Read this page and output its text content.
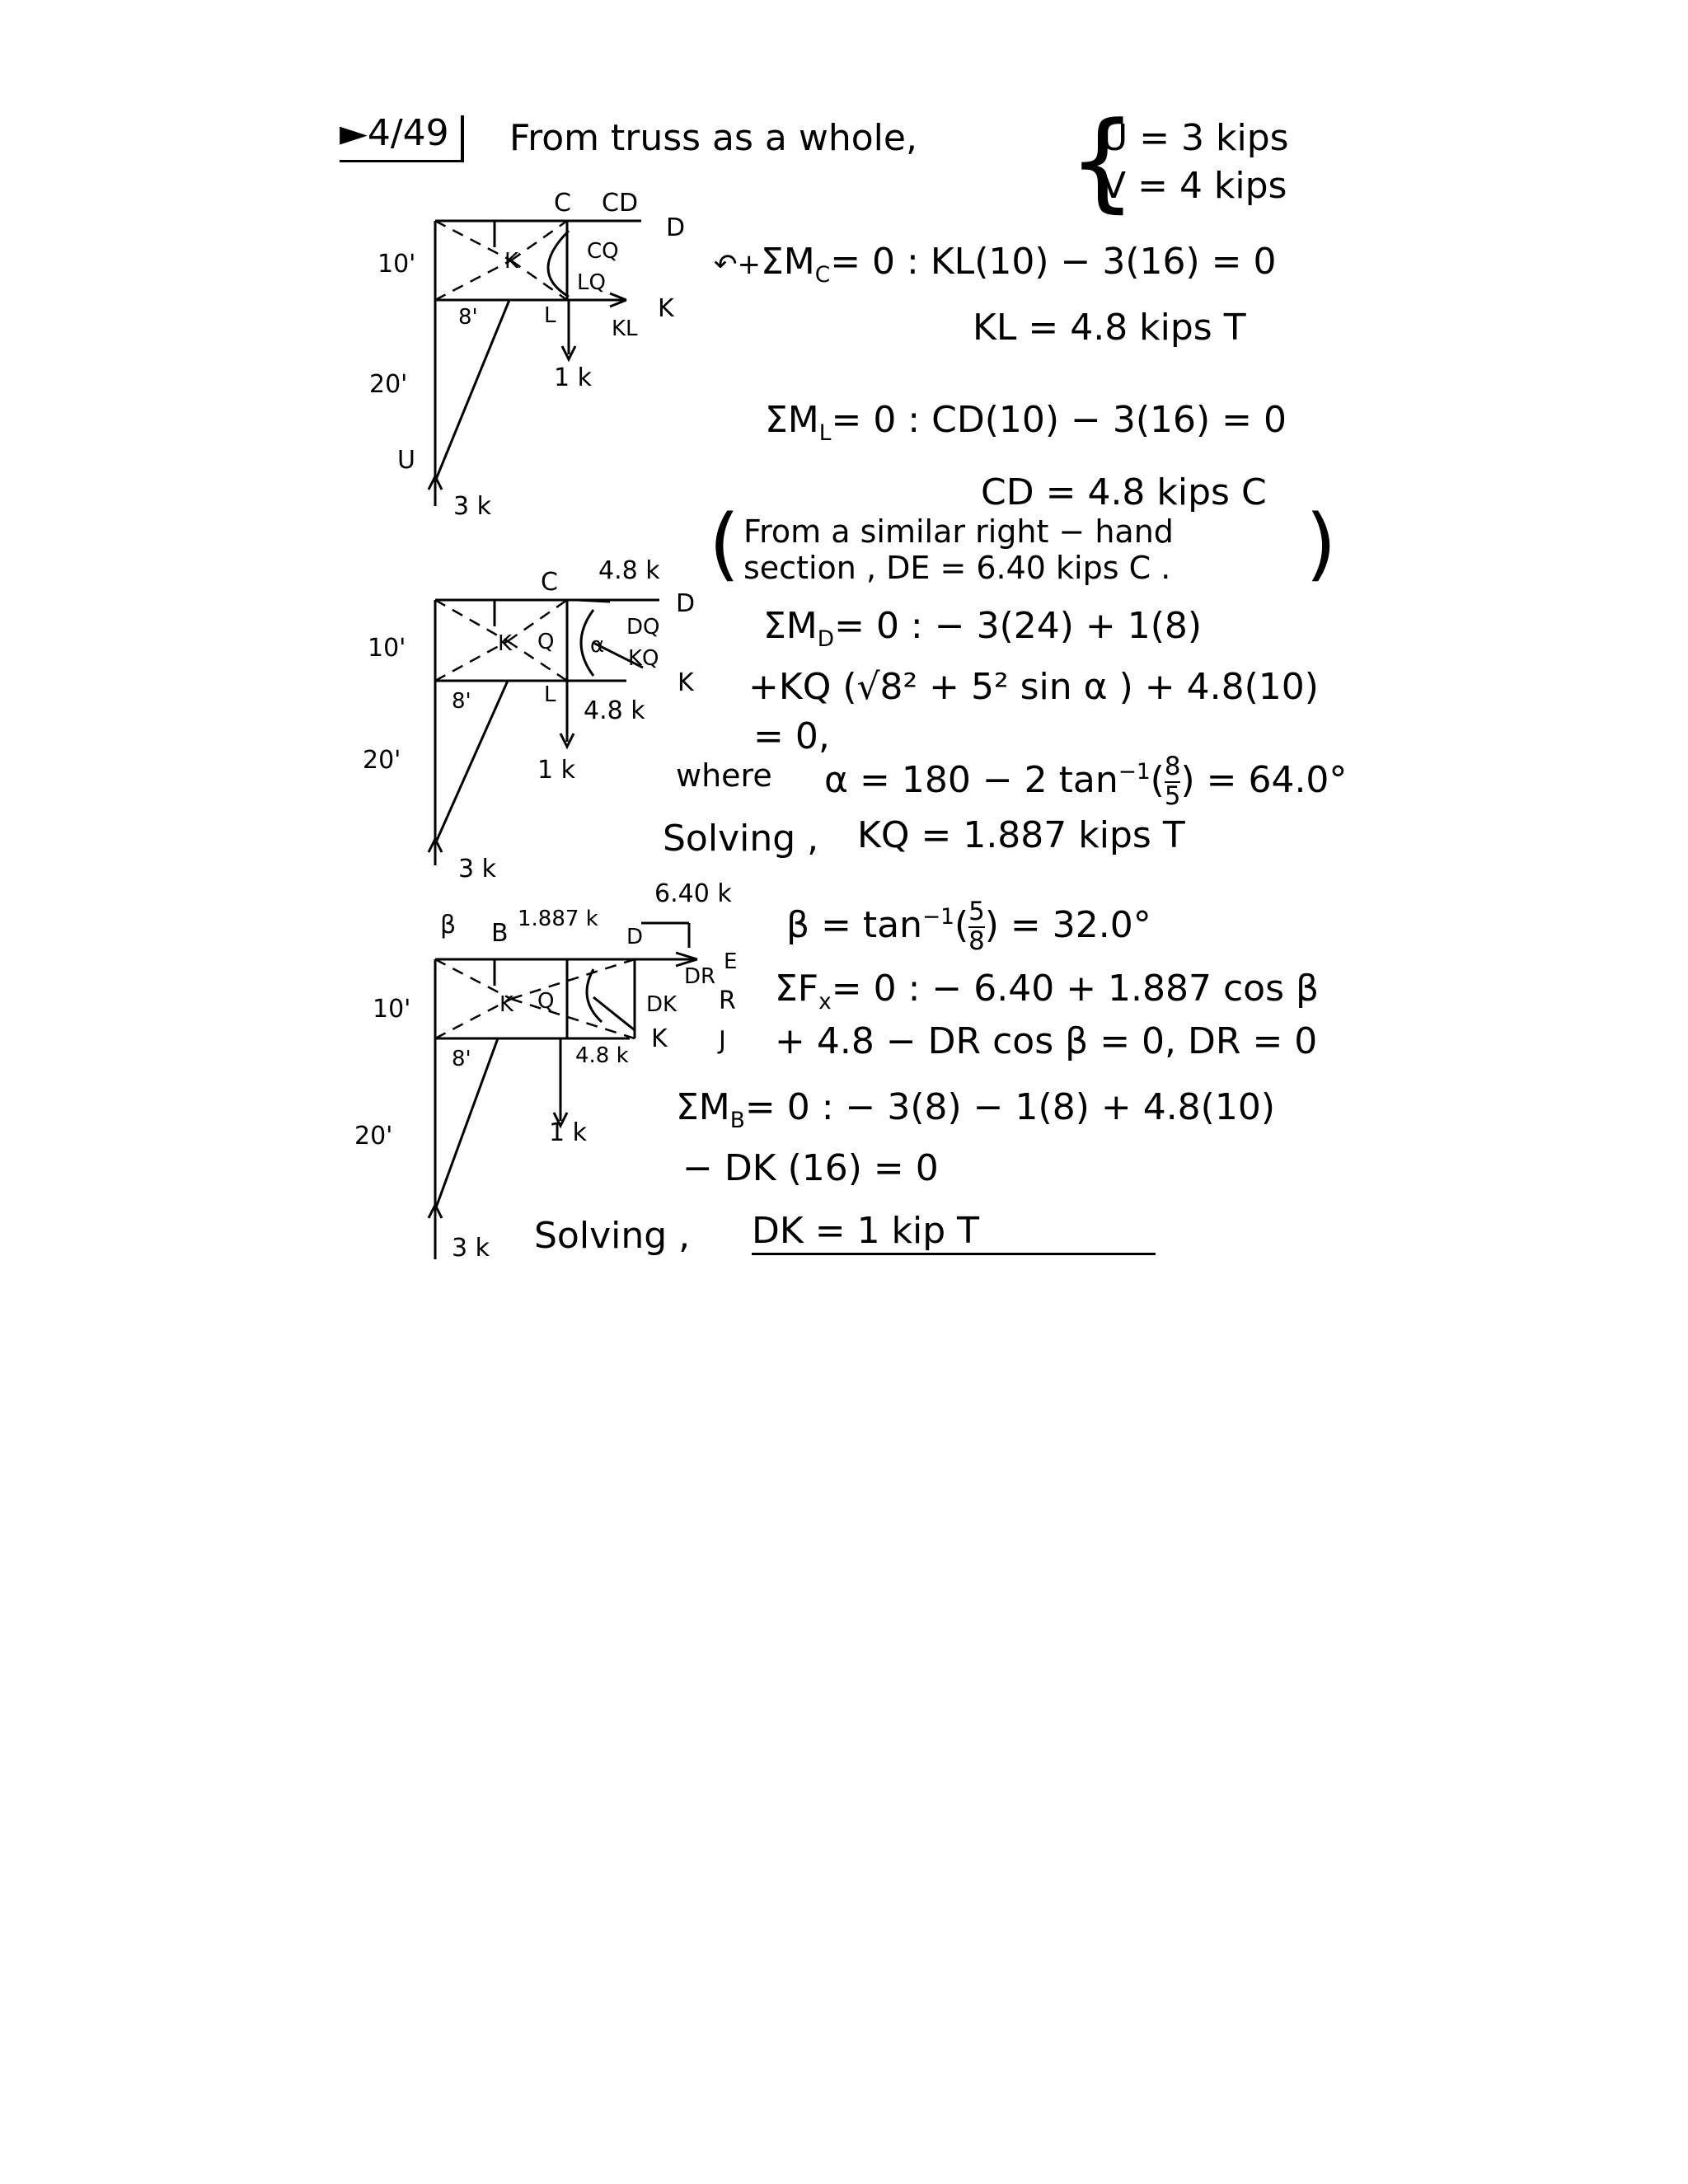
►4/49	From truss as a whole, {
U = 3 kips
V = 4 kips
C CD
D
CQ
LQ
K
L
KL
K
10'
8'
20'	1 k
U
3 k
$↶+\Sigma M_C= 0$ : KL(10) − 3(16) = 0
KL = 4.8 kips T
$\Sigma M_L= 0$ : CD(10) − 3(16) = 0
CD = 4.8 kips C
( From a similar right − hand
section , DE = 6.40 kips C . )
C 4.8 k
D
DQ
α
KQ
K Q
L	K
4.8 k
10'
8'
20'	1 k
3 k
$\Sigma M_D= 0$ : − 3(24) + 1(8)
+KQ (√8² + 5² sin α ) + 4.8(10)
= 0,
where α = 180 − 2 $\tan^{-1}( \frac{8}{5}$ ) = 64.0°
Solving , KQ = 1.887 kips T
β B 1.887 k
D
6.40 k
E
DR
R
DK
J
Q
K
K
4.8 k
10'
8'
20'	1 k
3 k
$\beta = \tan^{-1}( \frac{5}{8}$ ) = 32.0°
$\Sigma F_x= 0$ : − 6.40 + 1.887 cos β
+ 4.8 − DR cos β = 0, DR = 0
$\Sigma M_B= 0$ : − 3(8) − 1(8) + 4.8(10)
− DK (16) = 0
Solving , DK = 1 kip T
